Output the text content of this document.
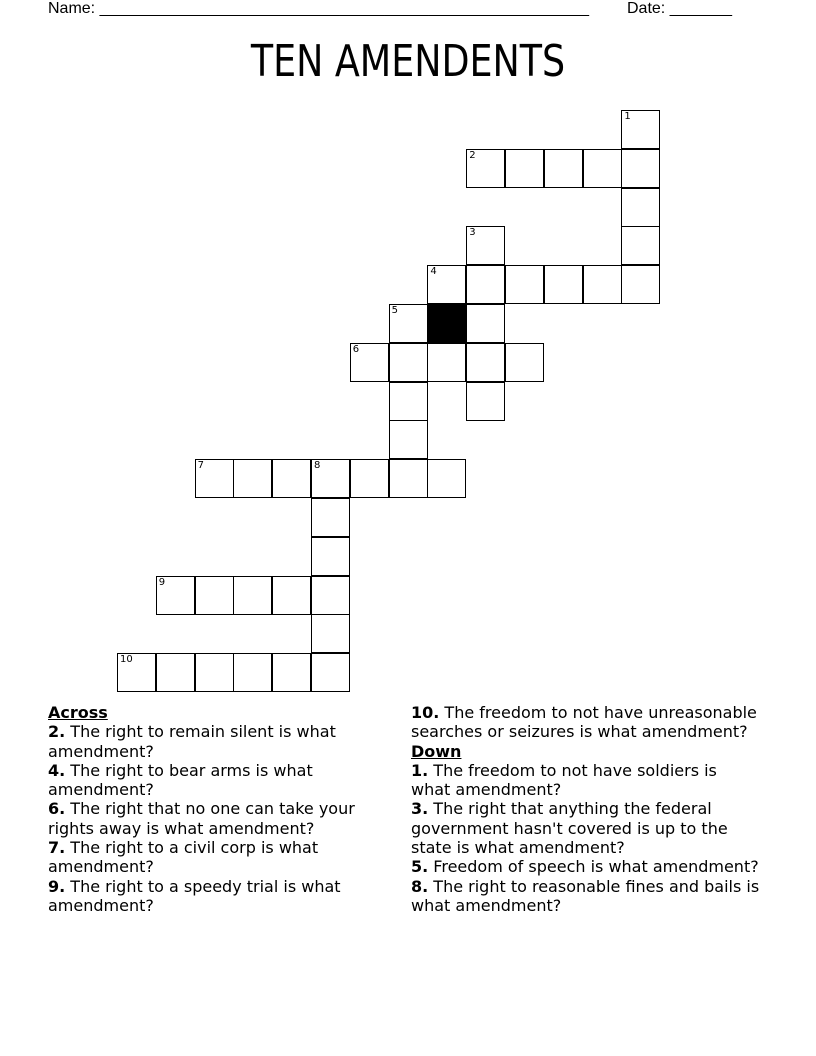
Name: _______________________________________________________ Date: _______
TEN AMENDENTS
1
2
3
4
5
6
7	8
9
10
Across
2. The right to remain silent is what amendment?
4. The right to bear arms is what amendment?
6. The right that no one can take your rights away is what amendment?
7. The right to a civil corp is what amendment?
9. The right to a speedy trial is what amendment?
10. The freedom to not have unreasonable searches or seizures is what amendment?
Down
1. The freedom to not have soldiers is what amendment?
3. The right that anything the federal government hasn't covered is up to the state is what amendment?
5. Freedom of speech is what amendment?
8. The right to reasonable fines and bails is what amendment?
